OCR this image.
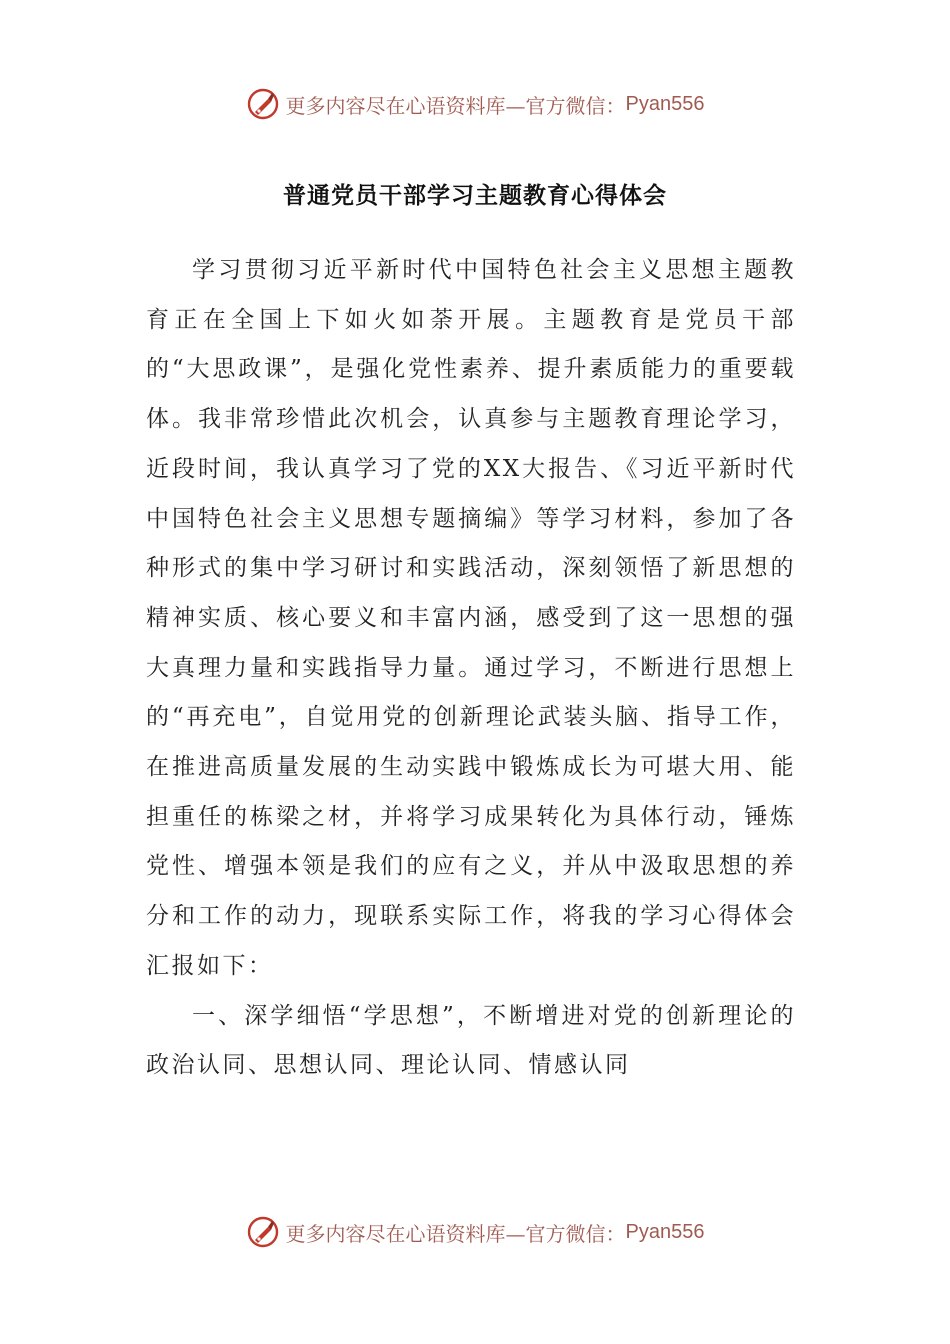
更多内容尽在心语资料库—官方微信： Pyan556
普通党员干部学习主题教育心得体会

学习贯彻习近平新时代中国特色社会主义思想主题教育正在全国上下如火如荼开展。主题教育是党员干部的“大思政课”，是强化党性素养、提升素质能力的重要载体。我非常珍惜此次机会，认真参与主题教育理论学习，近段时间，我认真学习了党的XX大报告、《习近平新时代中国特色社会主义思想专题摘编》等学习材料，参加了各种形式的集中学习研讨和实践活动，深刻领悟了新思想的精神实质、核心要义和丰富内涵，感受到了这一思想的强大真理力量和实践指导力量。通过学习，不断进行思想上的“再充电”，自觉用党的创新理论武装头脑、指导工作，在推进高质量发展的生动实践中锻炼成长为可堪大用、能担重任的栋梁之材，并将学习成果转化为具体行动，锤炼党性、增强本领是我们的应有之义，并从中汲取思想的养分和工作的动力，现联系实际工作，将我的学习心得体会汇报如下：

一、深学细悟“学思想”，不断增进对党的创新理论的政治认同、思想认同、理论认同、情感认同

更多内容尽在心语资料库—官方微信： Pyan556
